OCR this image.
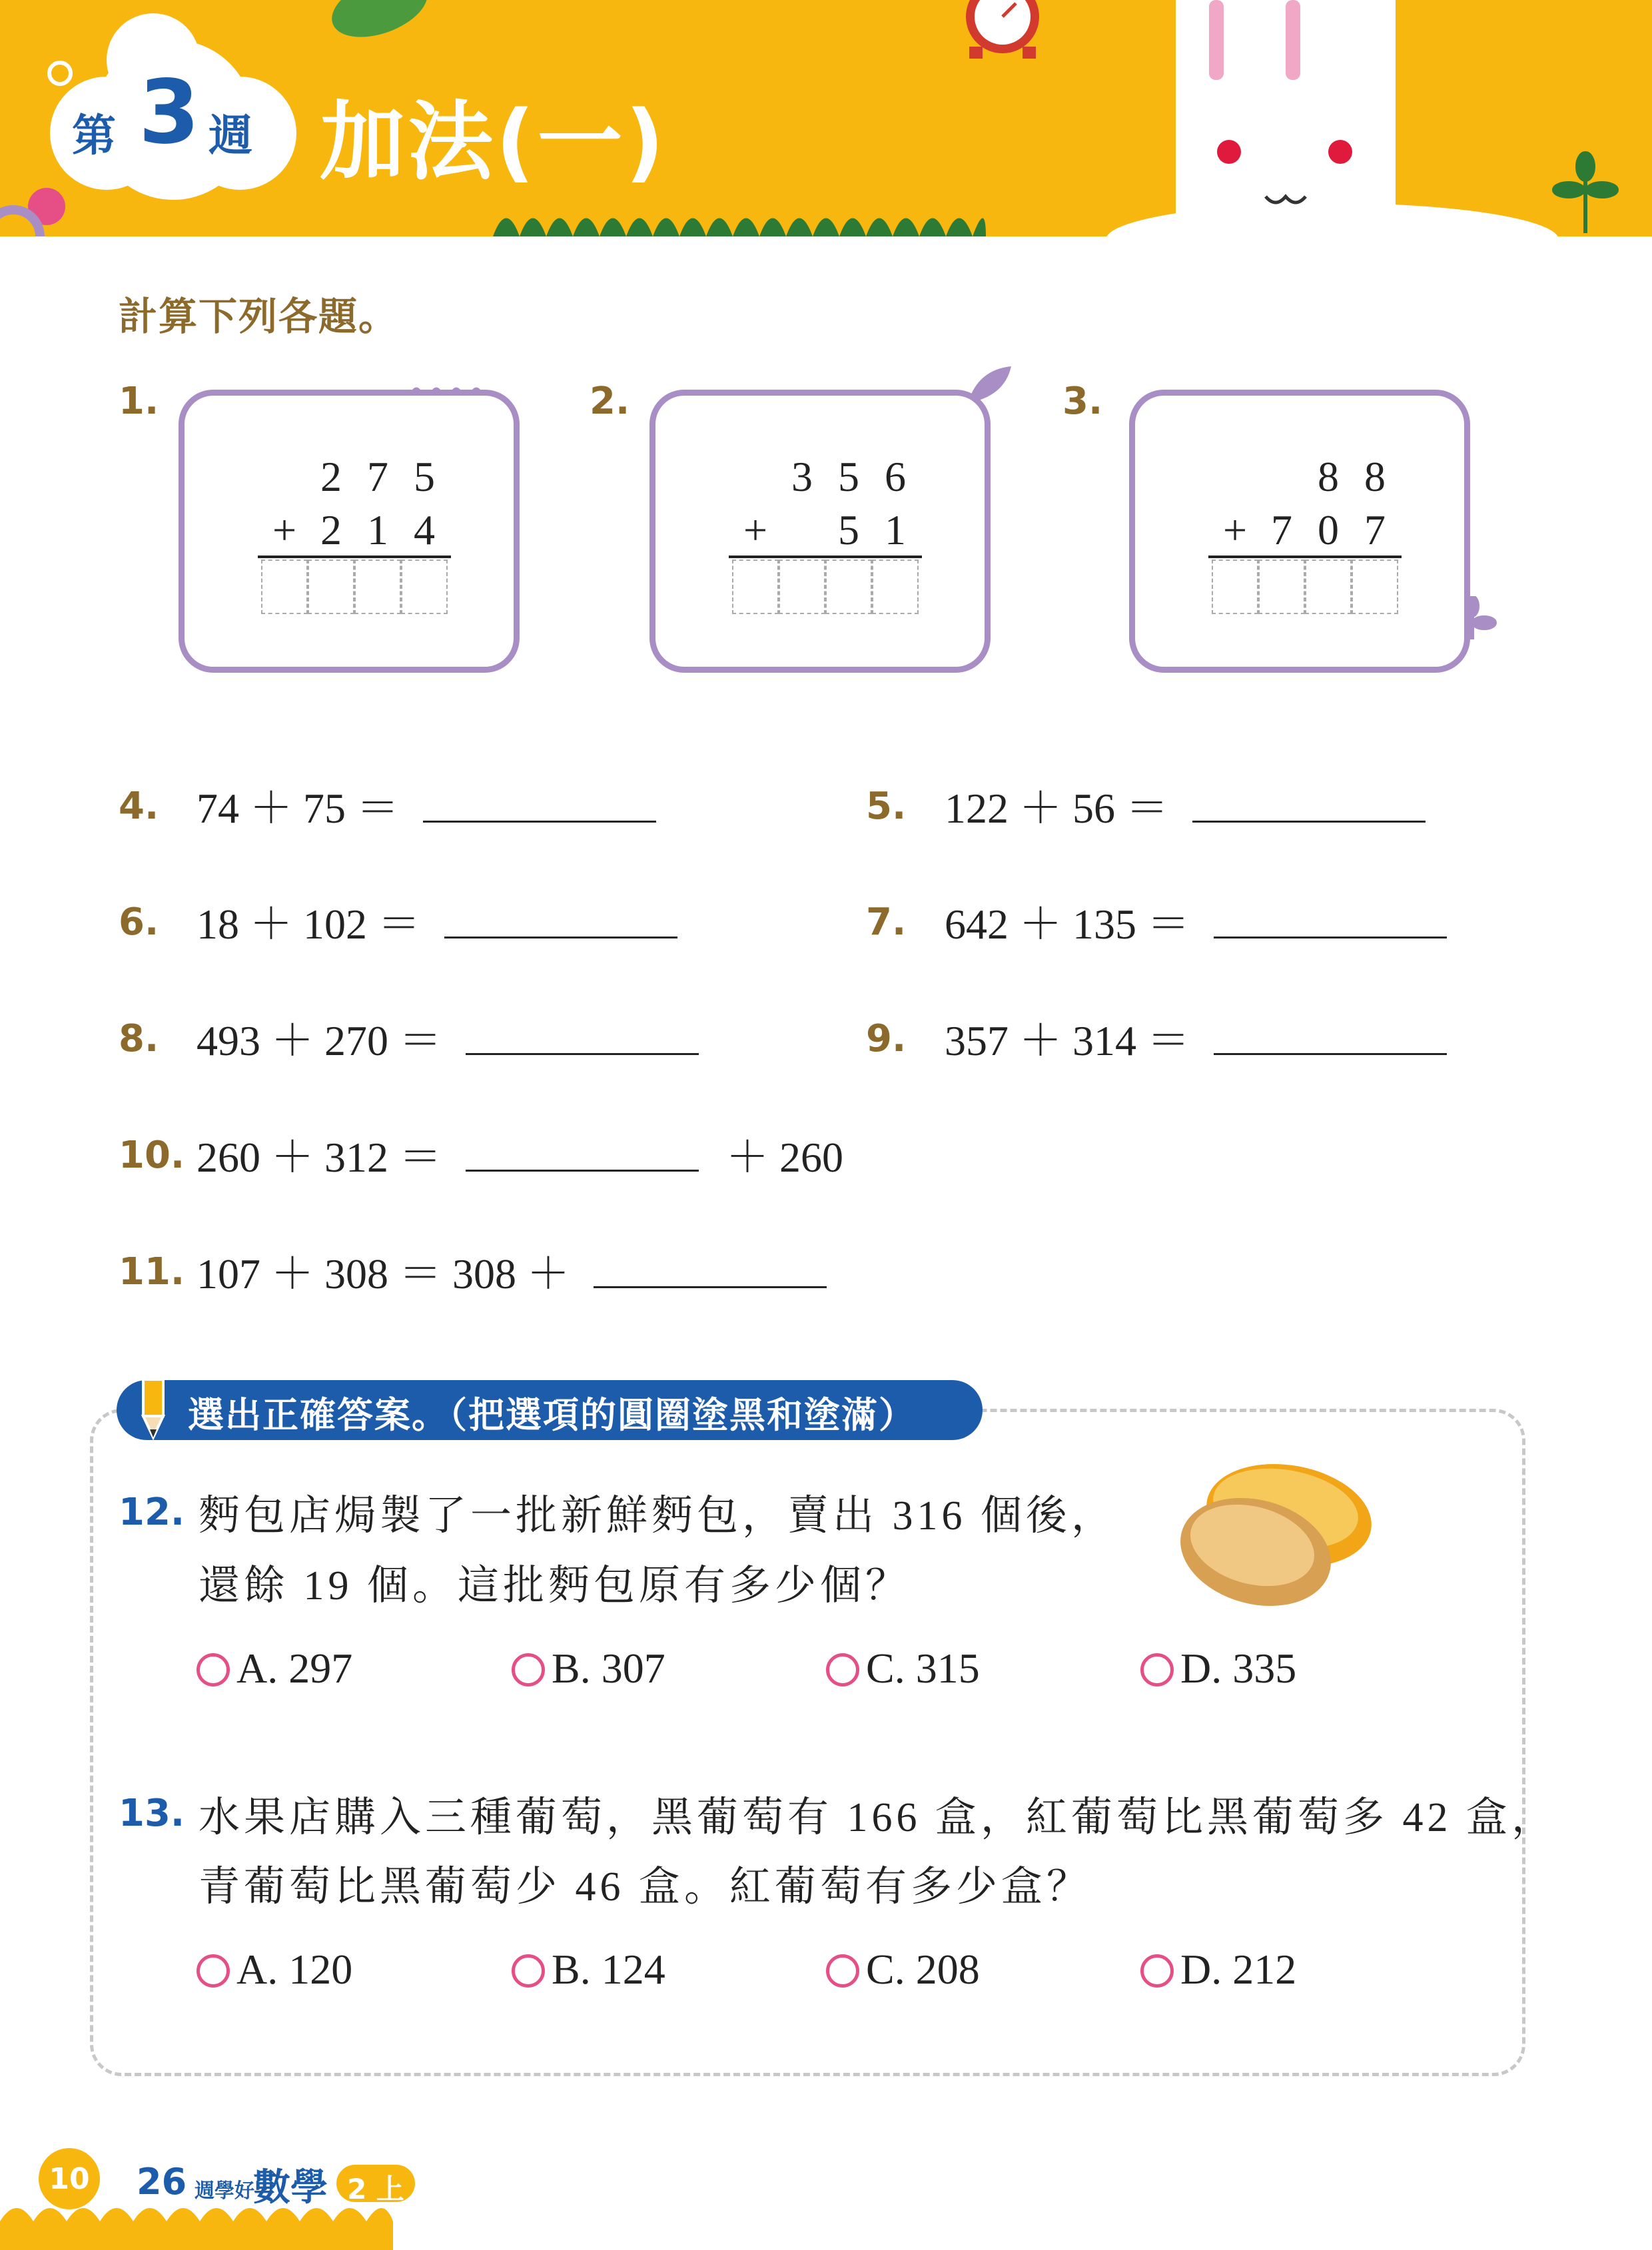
第 3 週 加法(一)
計算下列各題。
1.
2 7 5
+ 2 1 4
2.
3 5 6
+ 5 1
3.
8 8
+ 7 0 7
4. 74 ＋ 75 ＝	5. 122 ＋ 56 ＝
6. 18 ＋ 102 ＝	7. 642 ＋ 135 ＝
8. 493 ＋ 270 ＝	9. 357 ＋ 314 ＝
10. 260 ＋ 312 ＝	＋ 260
11. 107 ＋ 308 ＝ 308 ＋
選出正確答案。（把選項的圓圈塗黑和塗滿）
12. 麪包店焗製了一批新鮮麪包，賣出 316 個後，
還餘 19 個。這批麪包原有多少個？
A. 297	B. 307	C. 315	D. 335
13. 水果店購入三種葡萄，黑葡萄有 166 盒，紅葡萄比黑葡萄多 42 盒，
青葡萄比黑葡萄少 46 盒。紅葡萄有多少盒？
A. 120	B. 124	C. 208	D. 212
10 26 週學好
數學 2 上
